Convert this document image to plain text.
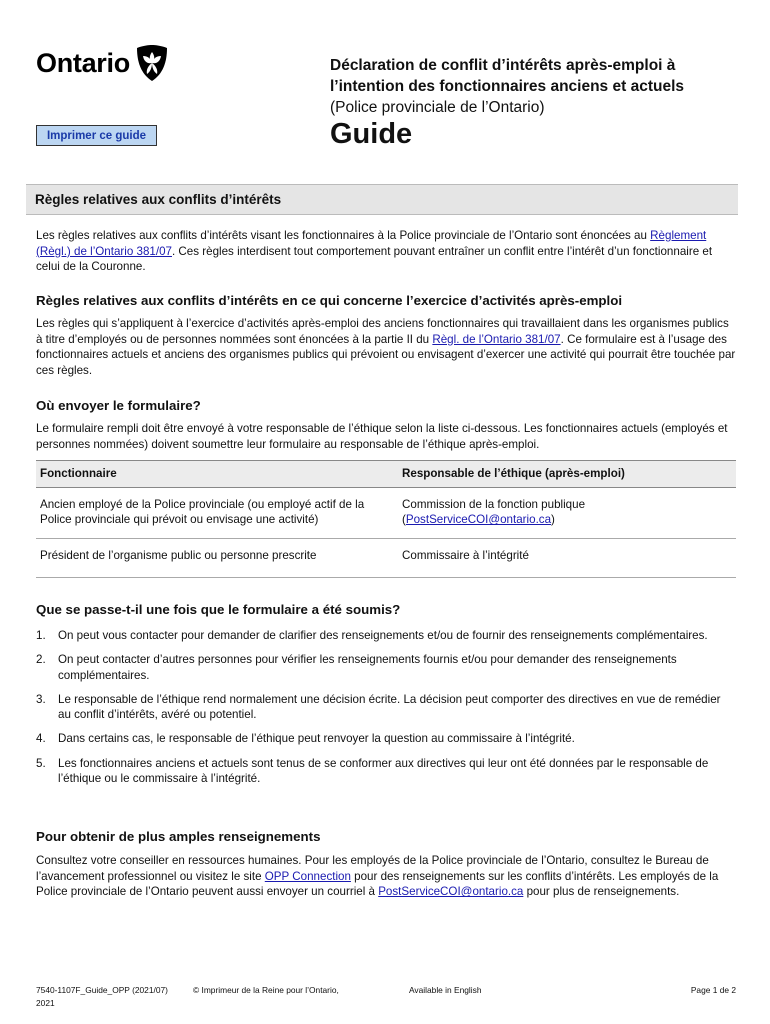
Ontario	Déclaration de conflit d’intérêts après-emploi à
l’intention des fonctionnaires anciens et actuels
(Police provinciale de l’Ontario)
Guide
Imprimer ce guide
Règles relatives aux conflits d’intérêts
Les règles relatives aux conflits d’intérêts visant les fonctionnaires à la Police provinciale de l’Ontario sont énoncées au Règlement (Règl.) de l’Ontario 381/07. Ces règles interdisent tout comportement pouvant entraîner un conflit entre l’intérêt d’un fonctionnaire et celui de la Couronne.
Règles relatives aux conflits d’intérêts en ce qui concerne l’exercice d’activités après-emploi
Les règles qui s’appliquent à l’exercice d’activités après-emploi des anciens fonctionnaires qui travaillaient dans les organismes publics à titre d’employés ou de personnes nommées sont énoncées à la partie II du Règl. de l’Ontario 381/07. Ce formulaire est à l’usage des fonctionnaires actuels et anciens des organismes publics qui prévoient ou envisagent d’exercer une activité qui pourrait être touchée par ces règles.
Où envoyer le formulaire?
Le formulaire rempli doit être envoyé à votre responsable de l’éthique selon la liste ci-dessous. Les fonctionnaires actuels (employés et personnes nommées) doivent soumettre leur formulaire au responsable de l’éthique après-emploi.
Fonctionnaire	Responsable de l’éthique (après-emploi)
Ancien employé de la Police provinciale (ou employé actif de la Police provinciale qui prévoit ou envisage une activité)	Commission de la fonction publique
(PostServiceCOI@ontario.ca)
Président de l’organisme public ou personne prescrite	Commissaire à l’intégrité
Que se passe-t-il une fois que le formulaire a été soumis?
1. On peut vous contacter pour demander de clarifier des renseignements et/ou de fournir des renseignements complémentaires.
2. On peut contacter d’autres personnes pour vérifier les renseignements fournis et/ou pour demander des renseignements complémentaires.
3. Le responsable de l’éthique rend normalement une décision écrite. La décision peut comporter des directives en vue de remédier au conflit d’intérêts, avéré ou potentiel.
4. Dans certains cas, le responsable de l’éthique peut renvoyer la question au commissaire à l’intégrité.
5. Les fonctionnaires anciens et actuels sont tenus de se conformer aux directives qui leur ont été données par le responsable de l’éthique ou le commissaire à l’intégrité.
Pour obtenir de plus amples renseignements
Consultez votre conseiller en ressources humaines. Pour les employés de la Police provinciale de l’Ontario, consultez le Bureau de l’avancement professionnel ou visitez le site OPP Connection pour des renseignements sur les conflits d’intérêts. Les employés de la Police provinciale de l’Ontario peuvent aussi envoyer un courriel à PostServiceCOI@ontario.ca pour plus de renseignements.
7540-1107F_Guide_OPP (2021/07) 2021
© Imprimeur de la Reine pour l’Ontario,	Available in English	Page 1 de 2
